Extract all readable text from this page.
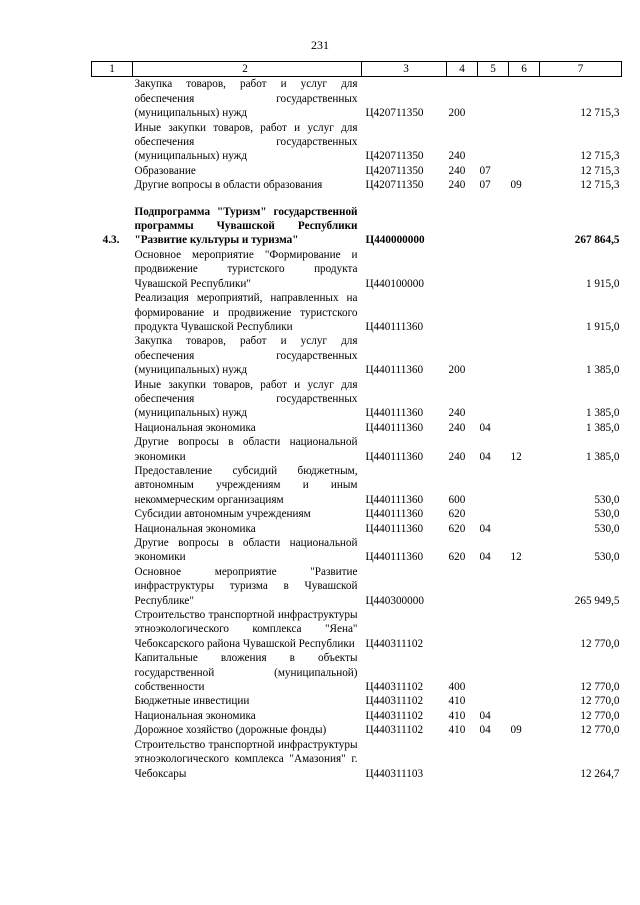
231
1	2	3	4	5	6	7
	Закупка товаров, работ и услуг для обеспечения государственных (муниципальных) нужд	Ц420711350	200			12 715,3
	Иные закупки товаров, работ и услуг для обеспечения государственных (муниципальных) нужд	Ц420711350	240			12 715,3
	Образование	Ц420711350	240	07		12 715,3
	Другие вопросы в области образования	Ц420711350	240	07	09	12 715,3

4.3.	Подпрограмма "Туризм" государственной программы Чувашской Республики "Развитие культуры и туризма"	Ц440000000				267 864,5
	Основное мероприятие "Формирование и продвижение туристского продукта Чувашской Республики"	Ц440100000				1 915,0
	Реализация мероприятий, направленных на формирование и продвижение туристского продукта Чувашской Республики	Ц440111360				1 915,0
	Закупка товаров, работ и услуг для обеспечения государственных (муниципальных) нужд	Ц440111360	200			1 385,0
	Иные закупки товаров, работ и услуг для обеспечения государственных (муниципальных) нужд	Ц440111360	240			1 385,0
	Национальная экономика	Ц440111360	240	04		1 385,0
	Другие вопросы в области национальной экономики	Ц440111360	240	04	12	1 385,0
	Предоставление субсидий бюджетным, автономным учреждениям и иным некоммерческим организациям	Ц440111360	600			530,0
	Субсидии автономным учреждениям	Ц440111360	620			530,0
	Национальная экономика	Ц440111360	620	04		530,0
	Другие вопросы в области национальной экономики	Ц440111360	620	04	12	530,0
	Основное мероприятие "Развитие инфраструктуры туризма в Чувашской Республике"	Ц440300000				265 949,5
	Строительство транспортной инфраструктуры этноэкологического комплекса "Яена" Чебоксарского района Чувашской Республики	Ц440311102				12 770,0
	Капитальные вложения в объекты государственной (муниципальной) собственности	Ц440311102	400			12 770,0
	Бюджетные инвестиции	Ц440311102	410			12 770,0
	Национальная экономика	Ц440311102	410	04		12 770,0
	Дорожное хозяйство (дорожные фонды)	Ц440311102	410	04	09	12 770,0
	Строительство транспортной инфраструктуры этноэкологического комплекса "Амазония" г. Чебоксары	Ц440311103				12 264,7
